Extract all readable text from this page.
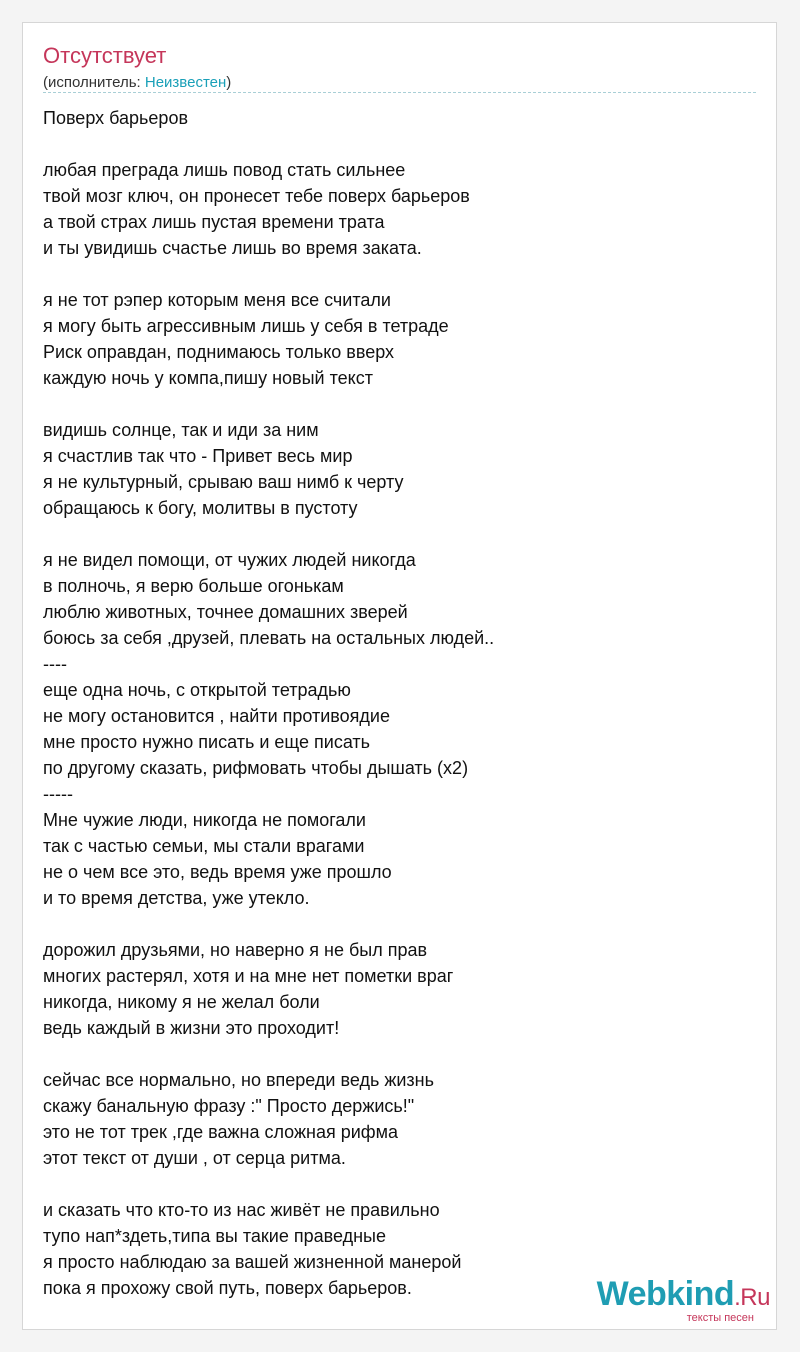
Отсутствует
(исполнитель: Неизвестен)
Поверх барьеров
любая преграда лишь повод стать сильнее
твой мозг ключ, он пронесет тебе поверх барьеров
а твой страх лишь пустая времени трата
и ты увидишь счастье лишь во время заката.
я не тот рэпер которым меня все считали
я могу быть агрессивным лишь у себя в тетраде
Риск оправдан, поднимаюсь только вверх
каждую ночь у компа,пишу новый текст
видишь солнце, так и иди за ним
я счастлив так что - Привет весь мир
я не культурный, срываю ваш нимб к черту
обращаюсь к богу, молитвы в пустоту
я не видел помощи, от чужих людей никогда
в полночь, я верю больше огонькам
люблю животных, точнее домашних зверей
боюсь за себя ,друзей, плевать на остальных людей..
----
еще одна ночь, с открытой тетрадью
не могу остановится , найти противоядие
мне просто нужно писать и еще писать
по другому сказать, рифмовать чтобы дышать (x2)
-----
Мне чужие люди, никогда не помогали
так с частью семьи, мы стали врагами
не о чем все это, ведь время уже прошло
и то время детства, уже утекло.
дорожил друзьями, но наверно я не был прав
многих растерял, хотя и на мне нет пометки враг
никогда, никому я не желал боли
ведь каждый в жизни это проходит!
сейчас все нормально, но впереди ведь жизнь
скажу банальную фразу :" Просто держись!"
это не тот трек ,где важна сложная рифма
этот текст от души , от серца ритма.
и сказать что кто-то из нас живёт не правильно
тупо нап*здеть,типа вы такие праведные
я просто наблюдаю за вашей жизненной манерой
пока я прохожу свой путь, поверх барьеров.	Webkind.Ru
тексты песен
